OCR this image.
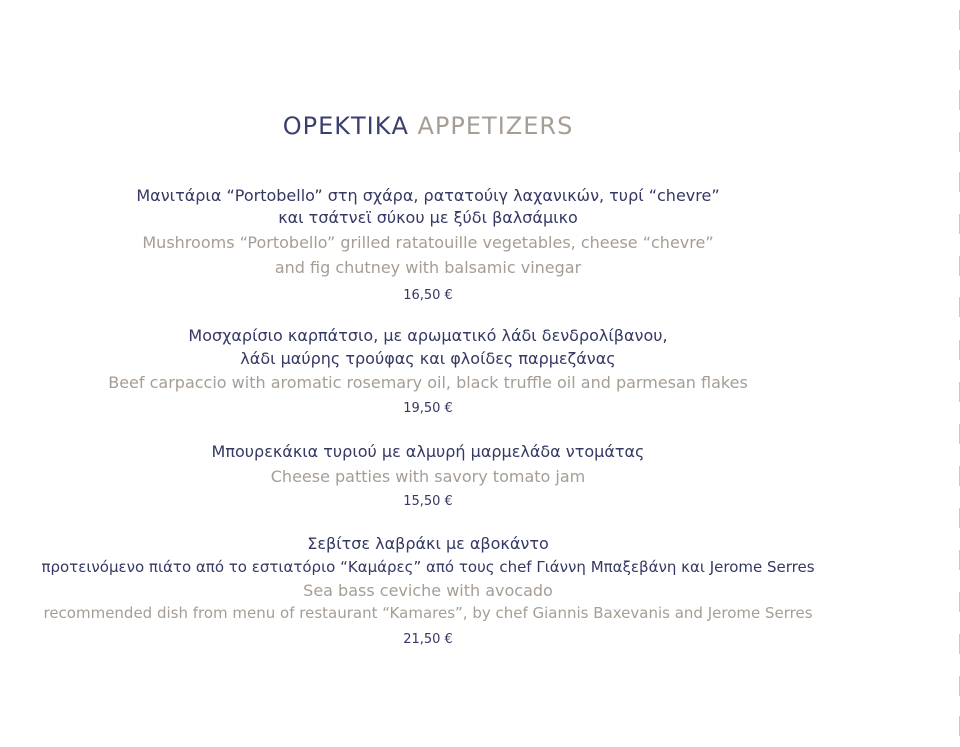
ΟΡΕΚΤΙΚΑ APPETIZERS
Μανιτάρια “Portobello” στη σχάρα, ρατατούιγ λαχανικών, τυρί “chevre”
και τσάτνεϊ σύκου με ξύδι βαλσάμικο
Mushrooms “Portobello” grilled ratatouille vegetables, cheese “chevre”
and fig chutney with balsamic vinegar
16,50 €
Μοσχαρίσιο καρπάτσιο, με αρωματικό λάδι δενδρολίβανου,
λάδι μαύρης τρούφας και φλοίδες παρμεζάνας
Beef carpaccio with aromatic rosemary oil, black truffle oil and parmesan flakes
19,50 €
Μπουρεκάκια τυριού με αλμυρή μαρμελάδα ντομάτας
Cheese patties with savory tomato jam
15,50 €
Σεβίτσε λαβράκι με αβοκάντο
προτεινόμενο πιάτο από το εστιατόριο “Καμάρες” από τους chef Γιάννη Μπαξεβάνη και Jerome Serres
Sea bass ceviche with avocado
recommended dish from menu of restaurant “Kamares”, by chef Giannis Baxevanis and Jerome Serres
21,50 €
